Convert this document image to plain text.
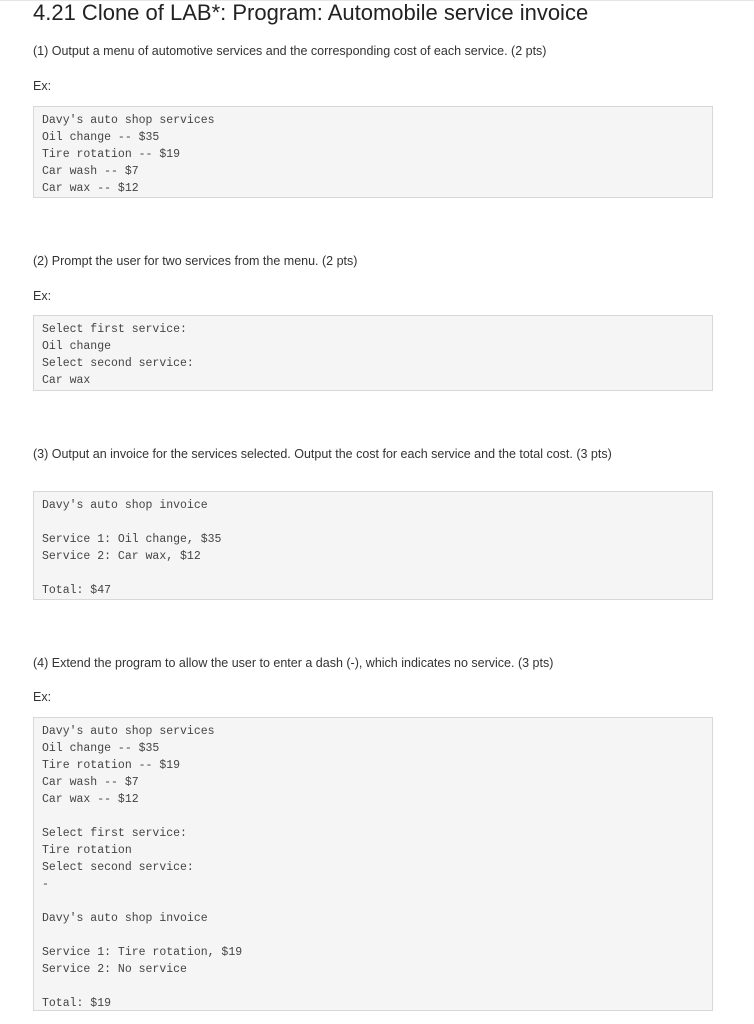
4.21 Clone of LAB*: Program: Automobile service invoice

(1) Output a menu of automotive services and the corresponding cost of each service. (2 pts)

Ex:

Davy's auto shop services
Oil change -- $35
Tire rotation -- $19
Car wash -- $7
Car wax -- $12

(2) Prompt the user for two services from the menu. (2 pts)

Ex:

Select first service:
Oil change
Select second service:
Car wax

(3) Output an invoice for the services selected. Output the cost for each service and the total cost. (3 pts)

Davy's auto shop invoice
Service 1: Oil change, $35
Service 2: Car wax, $12
Total: $47

(4) Extend the program to allow the user to enter a dash (-), which indicates no service. (3 pts)

Ex:

Davy's auto shop services
Oil change -- $35
Tire rotation -- $19
Car wash -- $7
Car wax -- $12
Select first service:
Tire rotation
Select second service:
-
Davy's auto shop invoice
Service 1: Tire rotation, $19
Service 2: No service
Total: $19
